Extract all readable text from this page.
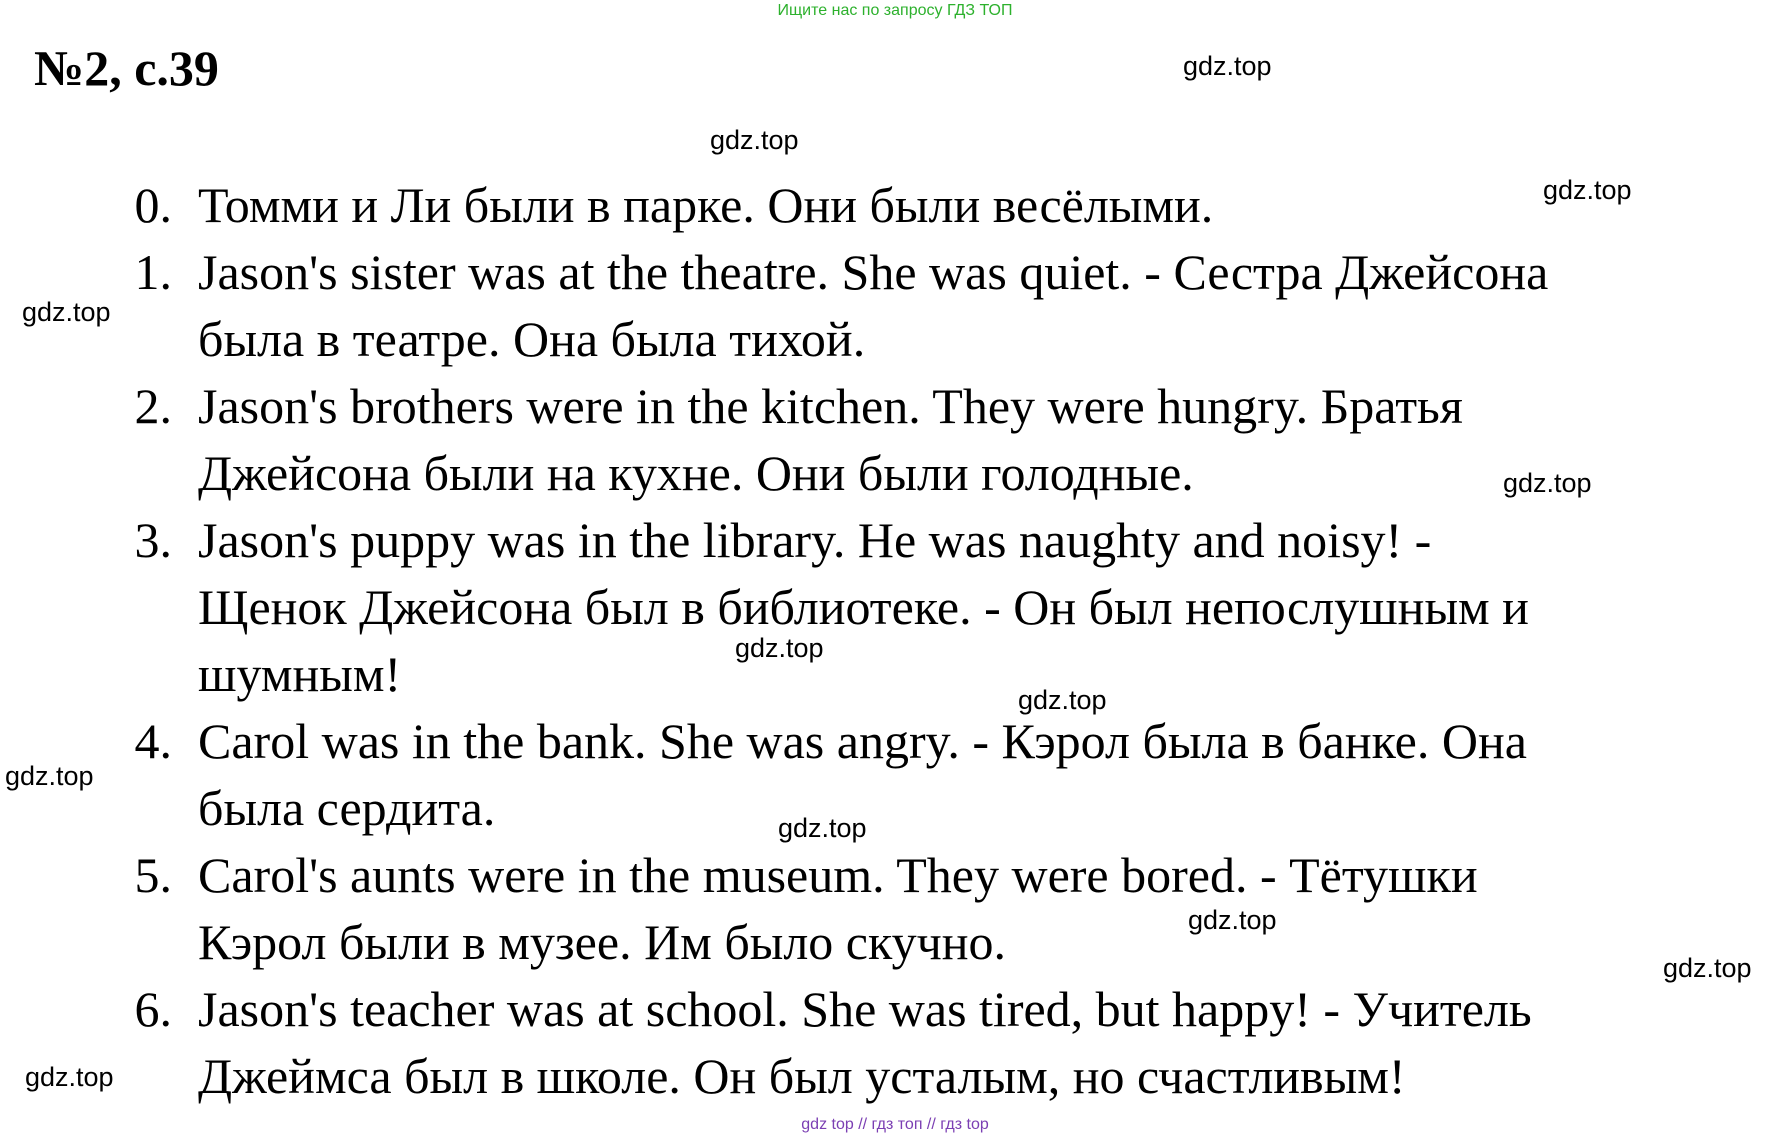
Ищите нас по запросу ГДЗ ТОП
№2, с.39
0. Томми и Ли были в парке. Они были весёлыми.
1. Jason's sister was at the theatre. She was quiet. - Сестра Джейсона
была в театре. Она была тихой.
2. Jason's brothers were in the kitchen. They were hungry. Братья
Джейсона были на кухне. Они были голодные.
3. Jason's puppy was in the library. He was naughty and noisy! -
Щенок Джейсона был в библиотеке. - Он был непослушным и
шумным!
4. Carol was in the bank. She was angry. - Кэрол была в банке. Она
была сердита.
5. Carol's aunts were in the museum. They were bored. - Тётушки
Кэрол были в музее. Им было скучно.
6. Jason's teacher was at school. She was tired, but happy! - Учитель
Джеймса был в школе. Он был усталым, но счастливым!
gdz.top
gdz.top
gdz.top
gdz.top
gdz.top
gdz.top
gdz.top
gdz.top
gdz.top
gdz.top
gdz.top
gdz.top
gdz top // гдз топ // гдз top
